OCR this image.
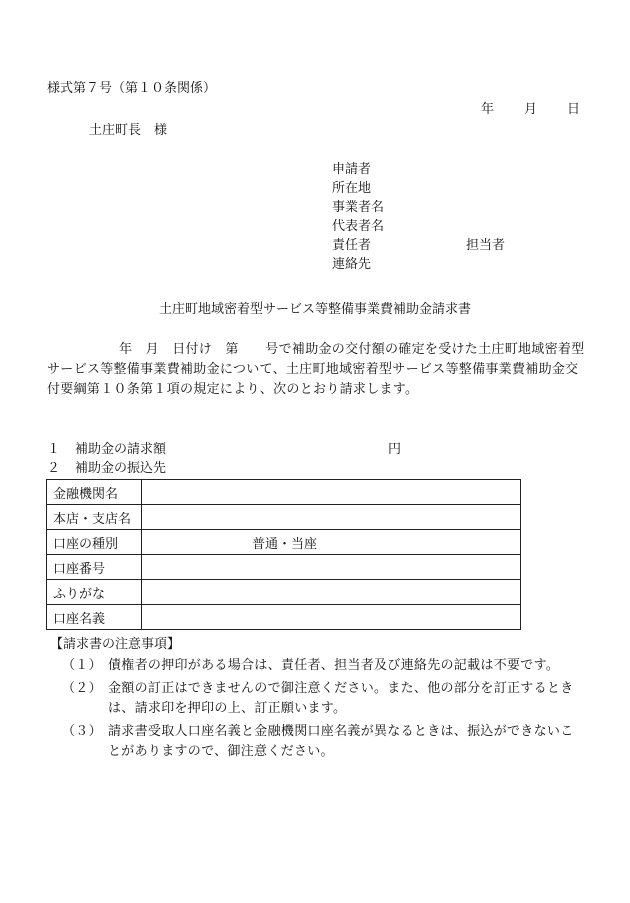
様式第７号（第１０条関係）
年 月 日
土庄町長　様
申請者
所在地
事業者名
代表者名
責任者	担当者
連絡先
土庄町地域密着型サービス等整備事業費補助金請求書
年　月　日付け　第　　号で補助金の交付額の確定を受けた土庄町地域密着型サービス等整備事業費補助金について、土庄町地域密着型サービス等整備事業費補助金交付要綱第１０条第１項の規定により、次のとおり請求します。
１ 補助金の請求額	円
２ 補助金の振込先
金融機関名	
本店・支店名	
口座の種別	普通・当座
口座番号	
ふりがな	
口座名義	
【請求書の注意事項】
（１） 債権者の押印がある場合は、責任者、担当者及び連絡先の記載は不要です。
（２） 金額の訂正はできませんので御注意ください。また、他の部分を訂正するときは、請求印を押印の上、訂正願います。
（３） 請求書受取人口座名義と金融機関口座名義が異なるときは、振込ができないことがありますので、御注意ください。
